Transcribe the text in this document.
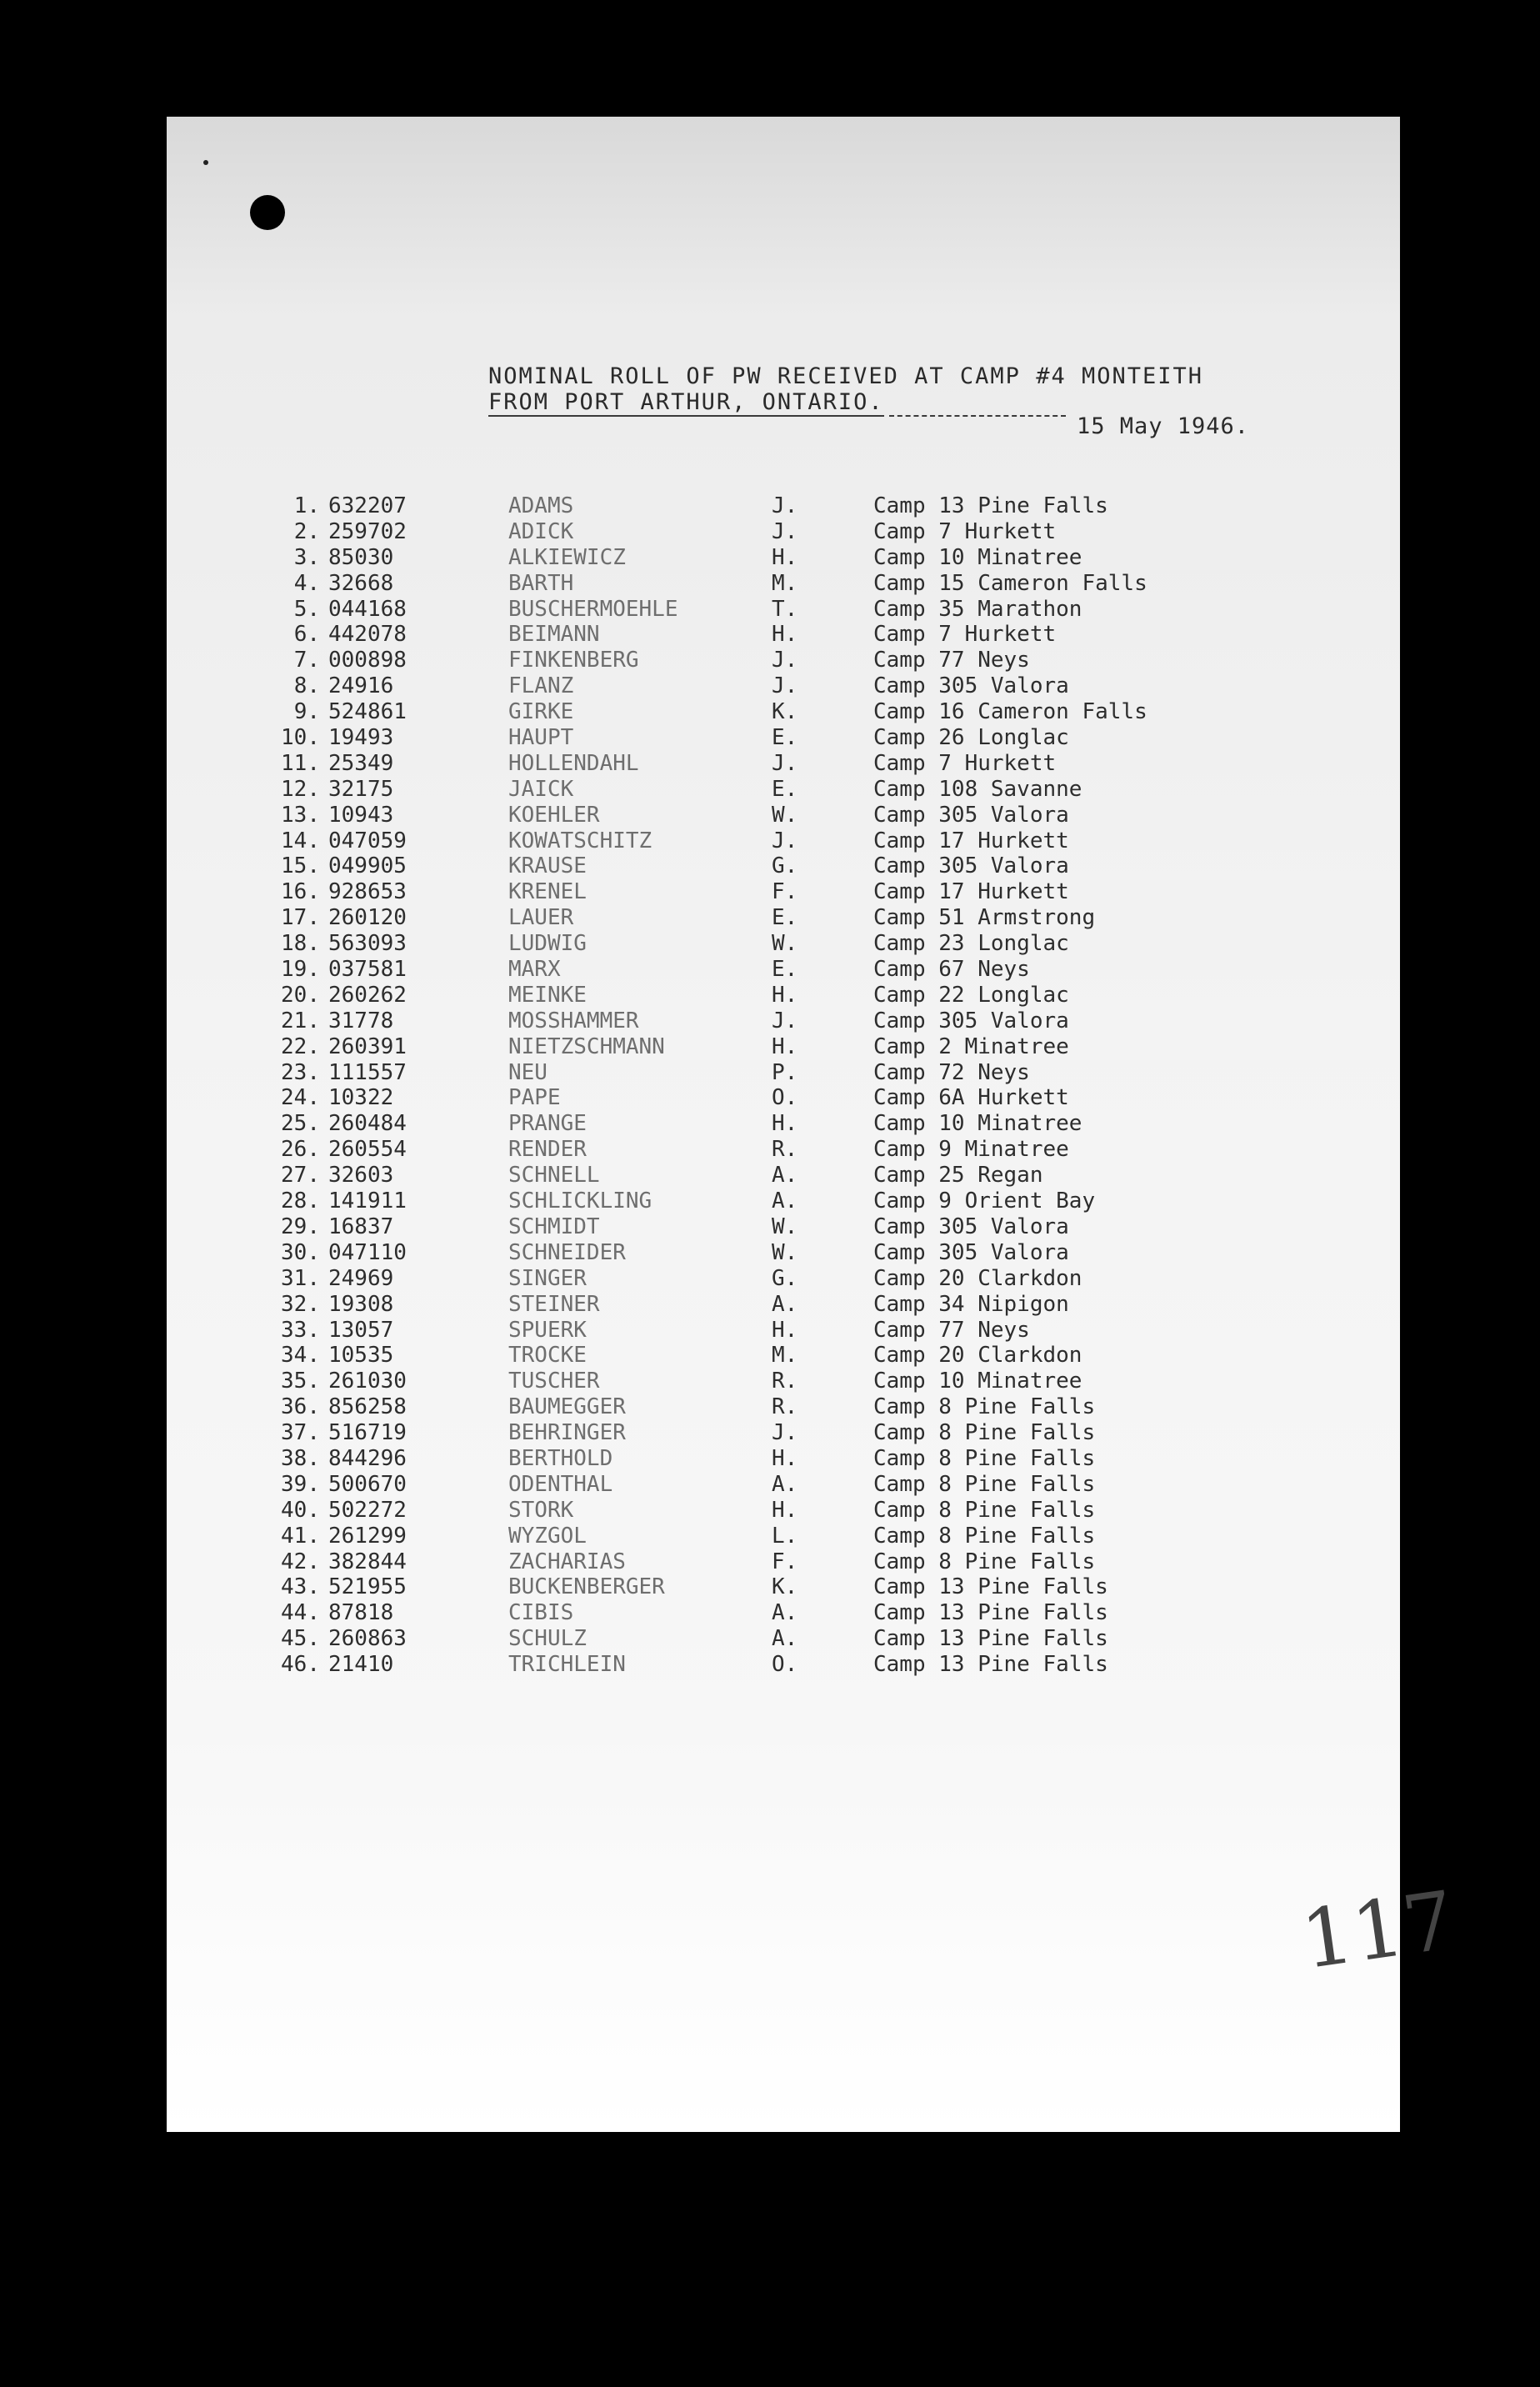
NOMINAL ROLL OF PW RECEIVED AT CAMP #4 MONTEITH
FROM PORT ARTHUR, ONTARIO.
15 May 1946.
1. 632207	ADAMS	J.	Camp 13 Pine Falls
2. 259702	ADICK	J.	Camp 7 Hurkett
3. 85030	ALKIEWICZ	H.	Camp 10 Minatree
4. 32668	BARTH	M.	Camp 15 Cameron Falls
5. 044168	BUSCHERMOEHLE	T.	Camp 35 Marathon
6. 442078	BEIMANN	H.	Camp 7 Hurkett
7. 000898	FINKENBERG	J.	Camp 77 Neys
8. 24916	FLANZ	J.	Camp 305 Valora
9. 524861	GIRKE	K.	Camp 16 Cameron Falls
10. 19493	HAUPT	E.	Camp 26 Longlac
11. 25349	HOLLENDAHL	J.	Camp 7 Hurkett
12. 32175	JAICK	E.	Camp 108 Savanne
13. 10943	KOEHLER	W.	Camp 305 Valora
14. 047059	KOWATSCHITZ	J.	Camp 17 Hurkett
15. 049905	KRAUSE	G.	Camp 305 Valora
16. 928653	KRENEL	F.	Camp 17 Hurkett
17. 260120	LAUER	E.	Camp 51 Armstrong
18. 563093	LUDWIG	W.	Camp 23 Longlac
19. 037581	MARX	E.	Camp 67 Neys
20. 260262	MEINKE	H.	Camp 22 Longlac
21. 31778	MOSSHAMMER	J.	Camp 305 Valora
22. 260391	NIETZSCHMANN	H.	Camp 2 Minatree
23. 111557	NEU	P.	Camp 72 Neys
24. 10322	PAPE	O.	Camp 6A Hurkett
25. 260484	PRANGE	H.	Camp 10 Minatree
26. 260554	RENDER	R.	Camp 9 Minatree
27. 32603	SCHNELL	A.	Camp 25 Regan
28. 141911	SCHLICKLING	A.	Camp 9 Orient Bay
29. 16837	SCHMIDT	W.	Camp 305 Valora
30. 047110	SCHNEIDER	W.	Camp 305 Valora
31. 24969	SINGER	G.	Camp 20 Clarkdon
32. 19308	STEINER	A.	Camp 34 Nipigon
33. 13057	SPUERK	H.	Camp 77 Neys
34. 10535	TROCKE	M.	Camp 20 Clarkdon
35. 261030	TUSCHER	R.	Camp 10 Minatree
36. 856258	BAUMEGGER	R.	Camp 8 Pine Falls
37. 516719	BEHRINGER	J.	Camp 8 Pine Falls
38. 844296	BERTHOLD	H.	Camp 8 Pine Falls
39. 500670	ODENTHAL	A.	Camp 8 Pine Falls
40. 502272	STORK	H.	Camp 8 Pine Falls
41. 261299	WYZGOL	L.	Camp 8 Pine Falls
42. 382844	ZACHARIAS	F.	Camp 8 Pine Falls
43. 521955	BUCKENBERGER	K.	Camp 13 Pine Falls
44. 87818	CIBIS	A.	Camp 13 Pine Falls
45. 260863	SCHULZ	A.	Camp 13 Pine Falls
46. 21410	TRICHLEIN	O.	Camp 13 Pine Falls
117
